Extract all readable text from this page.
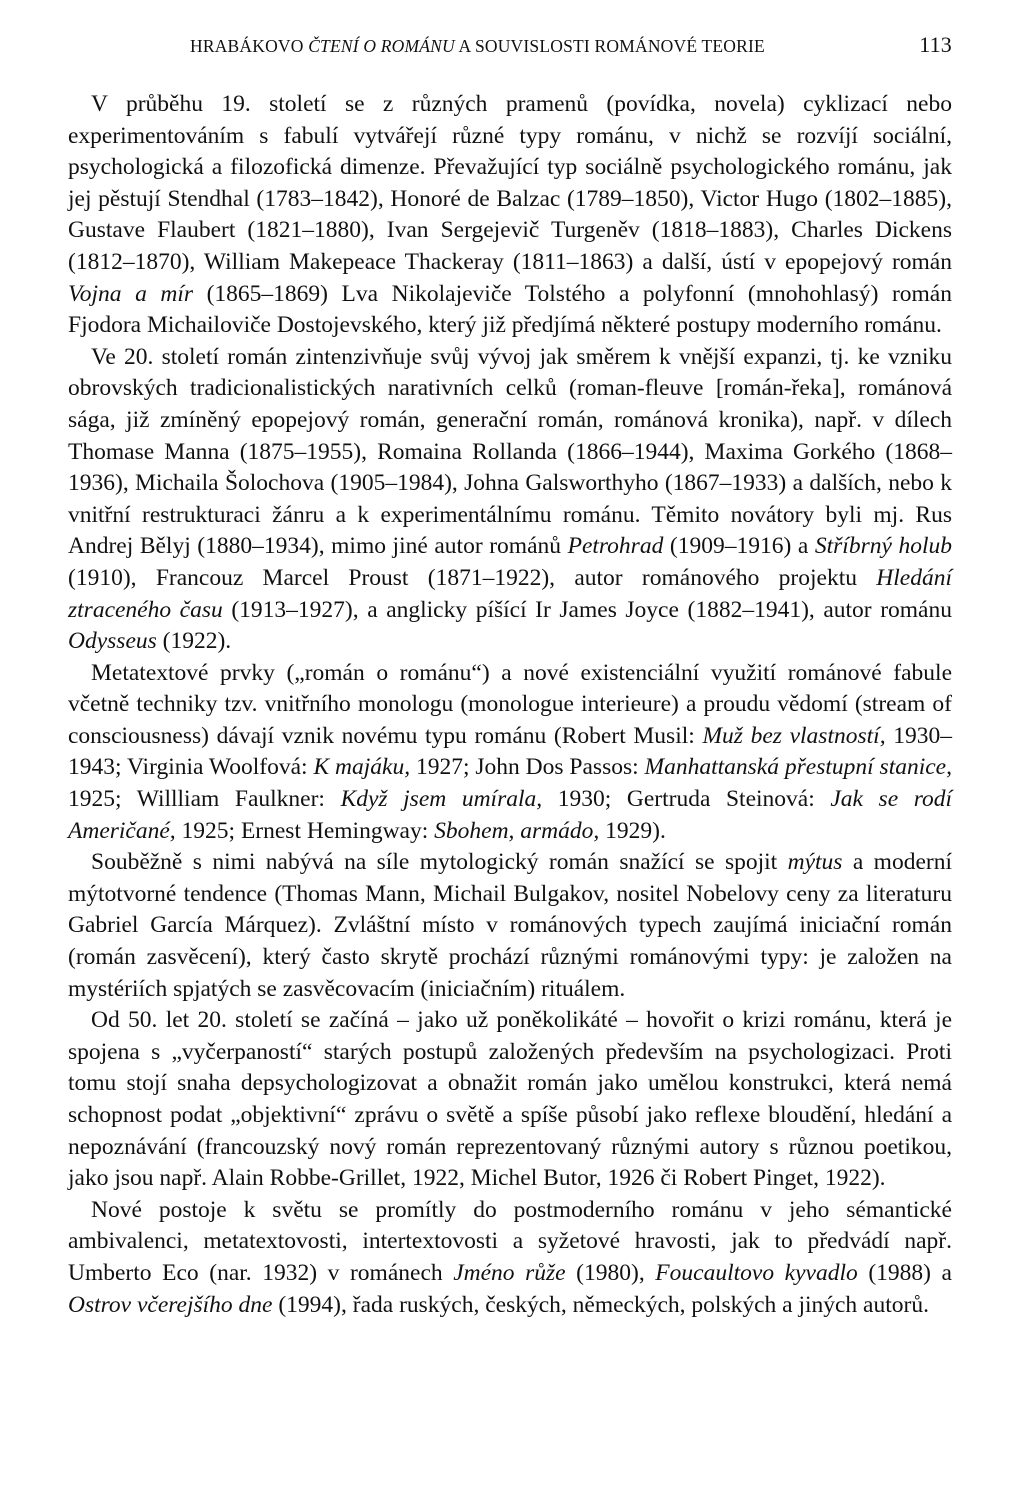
HRABÁKOVO ČTENÍ O ROMÁNU A SOUVISLOSTI ROMÁNOVÉ TEORIE	113

V průběhu 19. století se z různých pramenů (povídka, novela) cyklizací nebo experimentováním s fabulí vytvářejí různé typy románu, v nichž se rozvíjí sociální, psychologická a filozofická dimenze. Převažující typ sociálně psychologického románu, jak jej pěstují Stendhal (1783–1842), Honoré de Balzac (1789–1850), Victor Hugo (1802–1885), Gustave Flaubert (1821–1880), Ivan Sergejevič Turgeněv (1818–1883), Charles Dickens (1812–1870), William Makepeace Thackeray (1811–1863) a další, ústí v epopejový román Vojna a mír (1865–1869) Lva Nikolajeviče Tolstého a polyfonní (mnohohlasý) román Fjodora Michailoviče Dostojevského, který již předjímá některé postupy moderního románu.

Ve 20. století román zintenzivňuje svůj vývoj jak směrem k vnější expanzi, tj. ke vzniku obrovských tradicionalistických narativních celků (roman-fleuve [román-řeka], románová sága, již zmíněný epopejový román, generační román, románová kronika), např. v dílech Thomase Manna (1875–1955), Romaina Rollanda (1866–1944), Maxima Gorkého (1868–1936), Michaila Šolochova (1905–1984), Johna Galsworthyho (1867–1933) a dalších, nebo k vnitřní restrukturaci žánru a k experimentálnímu románu. Těmito novátory byli mj. Rus Andrej Bělyj (1880–1934), mimo jiné autor románů Petrohrad (1909–1916) a Stříbrný holub (1910), Francouz Marcel Proust (1871–1922), autor románového projektu Hledání ztraceného času (1913–1927), a anglicky píšící Ir James Joyce (1882–1941), autor románu Odysseus (1922).

Metatextové prvky („román o románu“) a nové existenciální využití románové fabule včetně techniky tzv. vnitřního monologu (monologue interieure) a proudu vědomí (stream of consciousness) dávají vznik novému typu románu (Robert Musil: Muž bez vlastností, 1930–1943; Virginia Woolfová: K majáku, 1927; John Dos Passos: Manhattanská přestupní stanice, 1925; Willliam Faulkner: Když jsem umírala, 1930; Gertruda Steinová: Jak se rodí Američané, 1925; Ernest Hemingway: Sbohem, armádo, 1929).

Souběžně s nimi nabývá na síle mytologický román snažící se spojit mýtus a moderní mýtotvorné tendence (Thomas Mann, Michail Bulgakov, nositel Nobelovy ceny za literaturu Gabriel García Márquez). Zvláštní místo v románových typech zaujímá iniciační román (román zasvěcení), který často skrytě prochází různými románovými typy: je založen na mystériích spjatých se zasvěcovacím (iniciačním) rituálem.

Od 50. let 20. století se začíná – jako už poněkolikáté – hovořit o krizi románu, která je spojena s „vyčerpaností“ starých postupů založených především na psychologizaci. Proti tomu stojí snaha depsychologizovat a obnažit román jako umělou konstrukci, která nemá schopnost podat „objektivní“ zprávu o světě a spíše působí jako reflexe bloudění, hledání a nepoznávání (francouzský nový román reprezentovaný různými autory s různou poetikou, jako jsou např. Alain Robbe-Grillet, 1922, Michel Butor, 1926 či Robert Pinget, 1922).

Nové postoje k světu se promítly do postmoderního románu v jeho sémantické ambivalenci, metatextovosti, intertextovosti a syžetové hravosti, jak to předvádí např. Umberto Eco (nar. 1932) v románech Jméno růže (1980), Foucaultovo kyvadlo (1988) a Ostrov včerejšího dne (1994), řada ruských, českých, německých, polských a jiných autorů.
